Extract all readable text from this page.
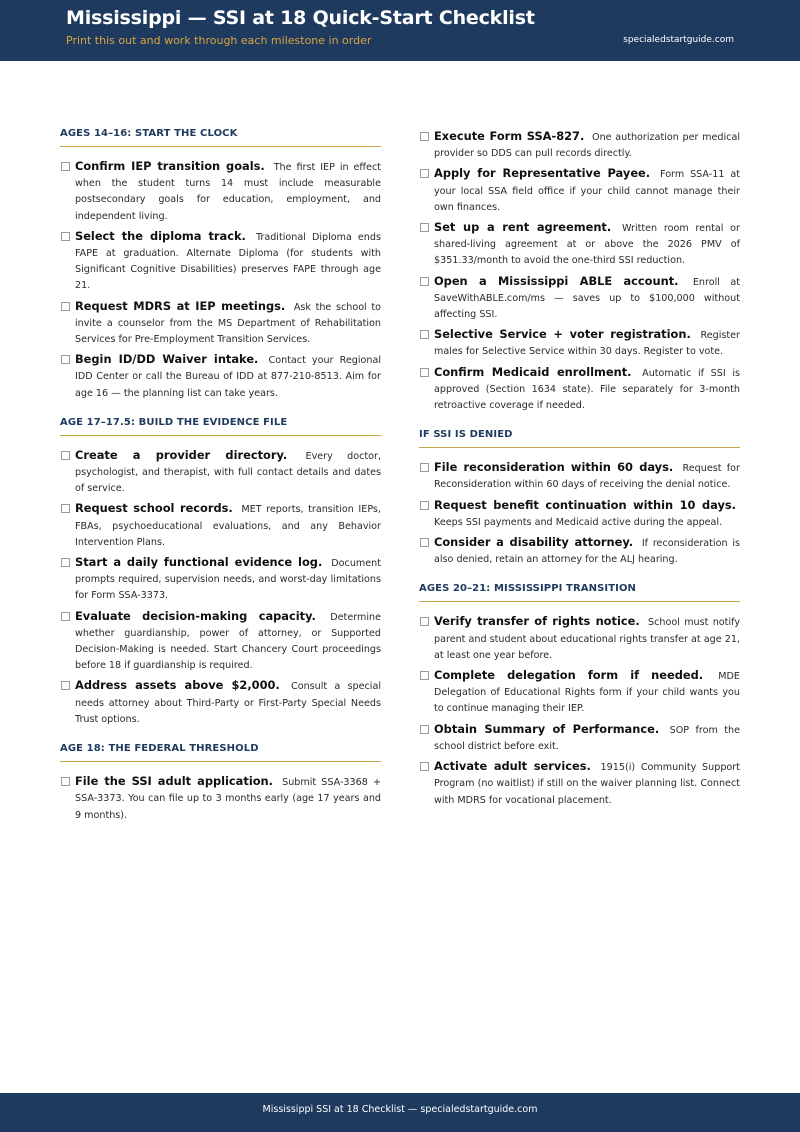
Mississippi — SSI at 18 Quick-Start Checklist
Print this out and work through each milestone in order	specialedstartguide.com
AGES 14–16: START THE CLOCK
Confirm IEP transition goals. The first IEP in effect when the student turns 14 must include measurable postsecondary goals for education, employment, and independent living.
Select the diploma track. Traditional Diploma ends FAPE at graduation. Alternate Diploma (for students with Significant Cognitive Disabilities) preserves FAPE through age 21.
Request MDRS at IEP meetings. Ask the school to invite a counselor from the MS Department of Rehabilitation Services for Pre-Employment Transition Services.
Begin ID/DD Waiver intake. Contact your Regional IDD Center or call the Bureau of IDD at 877-210-8513. Aim for age 16 — the planning list can take years.
AGE 17–17.5: BUILD THE EVIDENCE FILE
Create a provider directory. Every doctor, psychologist, and therapist, with full contact details and dates of service.
Request school records. MET reports, transition IEPs, FBAs, psychoeducational evaluations, and any Behavior Intervention Plans.
Start a daily functional evidence log. Document prompts required, supervision needs, and worst-day limitations for Form SSA-3373.
Evaluate decision-making capacity. Determine whether guardianship, power of attorney, or Supported Decision-Making is needed. Start Chancery Court proceedings before 18 if guardianship is required.
Address assets above $2,000. Consult a special needs attorney about Third-Party or First-Party Special Needs Trust options.
AGE 18: THE FEDERAL THRESHOLD
File the SSI adult application. Submit SSA-3368 + SSA-3373. You can file up to 3 months early (age 17 years and 9 months).
Execute Form SSA-827. One authorization per medical provider so DDS can pull records directly.
Apply for Representative Payee. Form SSA-11 at your local SSA field office if your child cannot manage their own finances.
Set up a rent agreement. Written room rental or shared-living agreement at or above the 2026 PMV of $351.33/month to avoid the one-third SSI reduction.
Open a Mississippi ABLE account. Enroll at SaveWithABLE.com/ms — saves up to $100,000 without affecting SSI.
Selective Service + voter registration. Register males for Selective Service within 30 days. Register to vote.
Confirm Medicaid enrollment. Automatic if SSI is approved (Section 1634 state). File separately for 3-month retroactive coverage if needed.
IF SSI IS DENIED
File reconsideration within 60 days. Request for Reconsideration within 60 days of receiving the denial notice.
Request benefit continuation within 10 days. Keeps SSI payments and Medicaid active during the appeal.
Consider a disability attorney. If reconsideration is also denied, retain an attorney for the ALJ hearing.
AGES 20–21: MISSISSIPPI TRANSITION
Verify transfer of rights notice. School must notify parent and student about educational rights transfer at age 21, at least one year before.
Complete delegation form if needed. MDE Delegation of Educational Rights form if your child wants you to continue managing their IEP.
Obtain Summary of Performance. SOP from the school district before exit.
Activate adult services. 1915(i) Community Support Program (no waitlist) if still on the waiver planning list. Connect with MDRS for vocational placement.
Mississippi SSI at 18 Checklist — specialedstartguide.com
